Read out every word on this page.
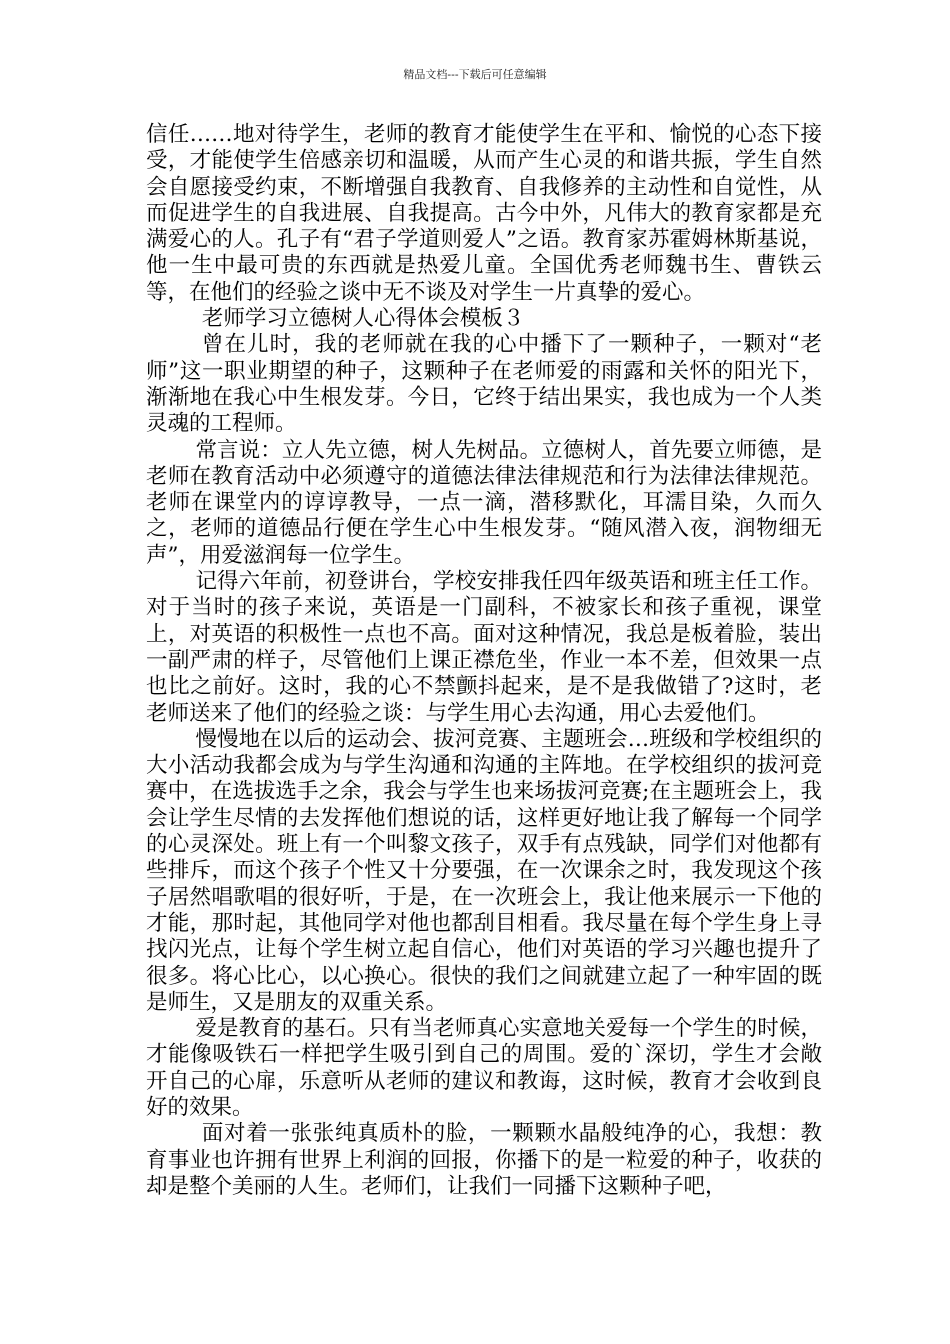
精品文档---下载后可任意编辑

信任……地对待学生，老师的教育才能使学生在平和、愉悦的心态下接受，才能使学生倍感亲切和温暖，从而产生心灵的和谐共振，学生自然会自愿接受约束，不断增强自我教育、自我修养的主动性和自觉性，从而促进学生的自我进展、自我提高。古今中外，凡伟大的教育家都是充满爱心的人。孔子有“君子学道则爱人”之语。教育家苏霍姆林斯基说，他一生中最可贵的东西就是热爱儿童。全国优秀老师魏书生、曹铁云等，在他们的经验之谈中无不谈及对学生一片真挚的爱心。

老师学习立德树人心得体会模板３

曾在儿时，我的老师就在我的心中播下了一颗种子，一颗对“老师”这一职业期望的种子，这颗种子在老师爱的雨露和关怀的阳光下，渐渐地在我心中生根发芽。今日，它终于结出果实，我也成为一个人类灵魂的工程师。

常言说：立人先立德，树人先树品。立德树人，首先要立师德，是老师在教育活动中必须遵守的道德法律法律规范和行为法律法律规范。老师在课堂内的谆谆教导，一点一滴，潜移默化，耳濡目染，久而久之，老师的道德品行便在学生心中生根发芽。“随风潜入夜，润物细无声”，用爱滋润每一位学生。

记得六年前，初登讲台，学校安排我任四年级英语和班主任工作。对于当时的孩子来说，英语是一门副科，不被家长和孩子重视，课堂上，对英语的积极性一点也不高。面对这种情况，我总是板着脸，装出一副严肃的样子，尽管他们上课正襟危坐，作业一本不差，但效果一点也比之前好。这时，我的心不禁颤抖起来，是不是我做错了?这时，老老师送来了他们的经验之谈：与学生用心去沟通，用心去爱他们。

慢慢地在以后的运动会、拔河竞赛、主题班会…班级和学校组织的大小活动我都会成为与学生沟通和沟通的主阵地。在学校组织的拔河竞赛中，在选拔选手之余，我会与学生也来场拔河竞赛;在主题班会上，我会让学生尽情的去发挥他们想说的话，这样更好地让我了解每一个同学的心灵深处。班上有一个叫黎文孩子，双手有点残缺，同学们对他都有些排斥，而这个孩子个性又十分要强，在一次课余之时，我发现这个孩子居然唱歌唱的很好听，于是，在一次班会上，我让他来展示一下他的才能，那时起，其他同学对他也都刮目相看。我尽量在每个学生身上寻找闪光点，让每个学生树立起自信心，他们对英语的学习兴趣也提升了很多。将心比心，以心换心。很快的我们之间就建立起了一种牢固的既是师生，又是朋友的双重关系。

爱是教育的基石。只有当老师真心实意地关爱每一个学生的时候，才能像吸铁石一样把学生吸引到自己的周围。爱的`深切，学生才会敞开自己的心扉，乐意听从老师的建议和教诲，这时候，教育才会收到良好的效果。

面对着一张张纯真质朴的脸，一颗颗水晶般纯净的心，我想：教育事业也许拥有世界上利润的回报，你播下的是一粒爱的种子，收获的却是整个美丽的人生。老师们，让我们一同播下这颗种子吧，
